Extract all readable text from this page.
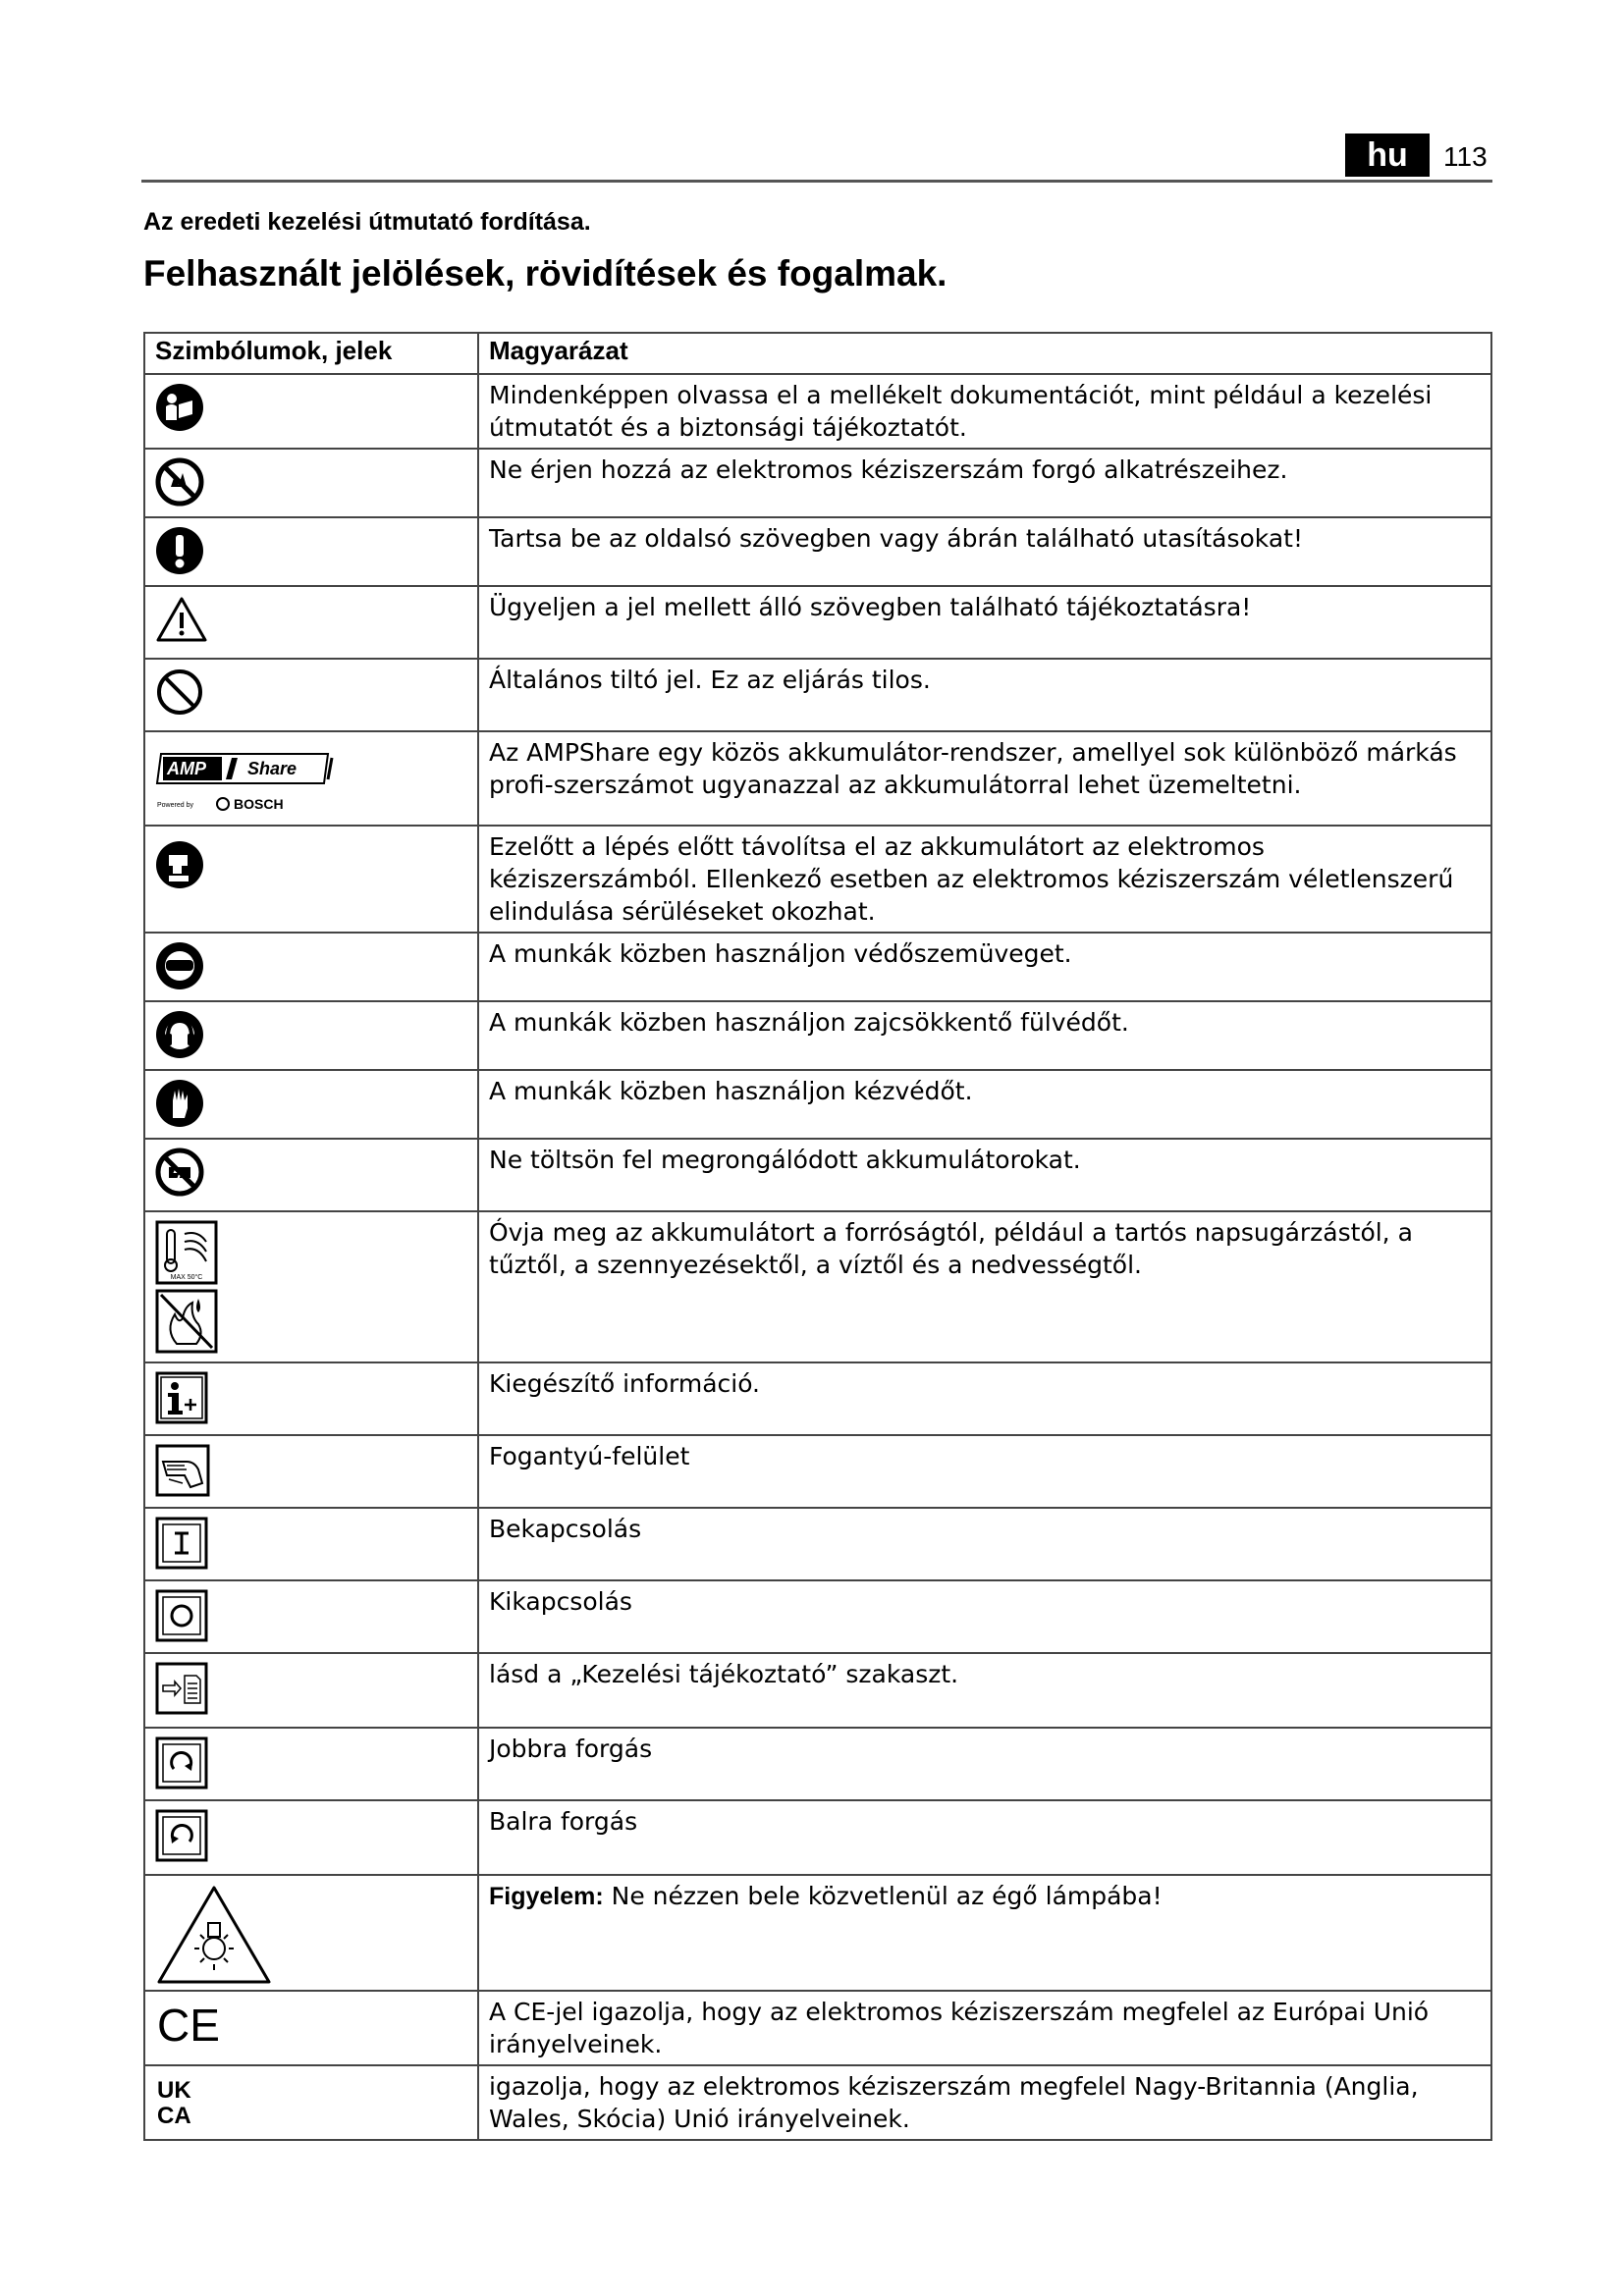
hu	113
Az eredeti kezelési útmutató fordítása.
Felhasznált jelölések, rövidítések és fogalmak.
Szimbólumok, jelek	Magyarázat

	Mindenképpen olvassa el a mellékelt dokumentációt, mint például a kezelési útmutatót és a biztonsági tájékoztatót.

	Ne érjen hozzá az elektromos kéziszerszám forgó alkatrészeihez.

	Tartsa be az oldalsó szövegben vagy ábrán található utasításokat!

	Ügyeljen a jel mellett álló szövegben található tájékoztatásra!

	Általános tiltó jel. Ez az eljárás tilos.

AMP Share
Powered by BOSCH	Az AMPShare egy közös akkumulátor-rendszer, amellyel sok különböző márkás profi-szerszámot ugyanazzal az akkumulátorral lehet üzemeltetni.

	Ezelőtt a lépés előtt távolítsa el az akkumulátort az elektromos kéziszerszámból. Ellenkező esetben az elektromos kéziszerszám véletlenszerű elindulása sérüléseket okozhat.

	A munkák közben használjon védőszemüveget.

	A munkák közben használjon zajcsökkentő fülvédőt.

	A munkák közben használjon kézvédőt.

	Ne töltsön fel megrongálódott akkumulátorokat.

MAX 50°C	Óvja meg az akkumulátort a forróságtól, például a tartós napsugárzástól, a tűztől, a szennyezésektől, a víztől és a nedvességtől.

	Kiegészítő információ.

	Fogantyú-felület

	Bekapcsolás

	Kikapcsolás

	lásd a „Kezelési tájékoztató” szakaszt.

	Jobbra forgás

	Balra forgás

	Figyelem: Ne nézzen bele közvetlenül az égő lámpába!

CE	A CE-jel igazolja, hogy az elektromos kéziszerszám megfelel az Európai Unió irányelveinek.

UK
CA	igazolja, hogy az elektromos kéziszerszám megfelel Nagy-Britannia (Anglia, Wales, Skócia) Unió irányelveinek.
